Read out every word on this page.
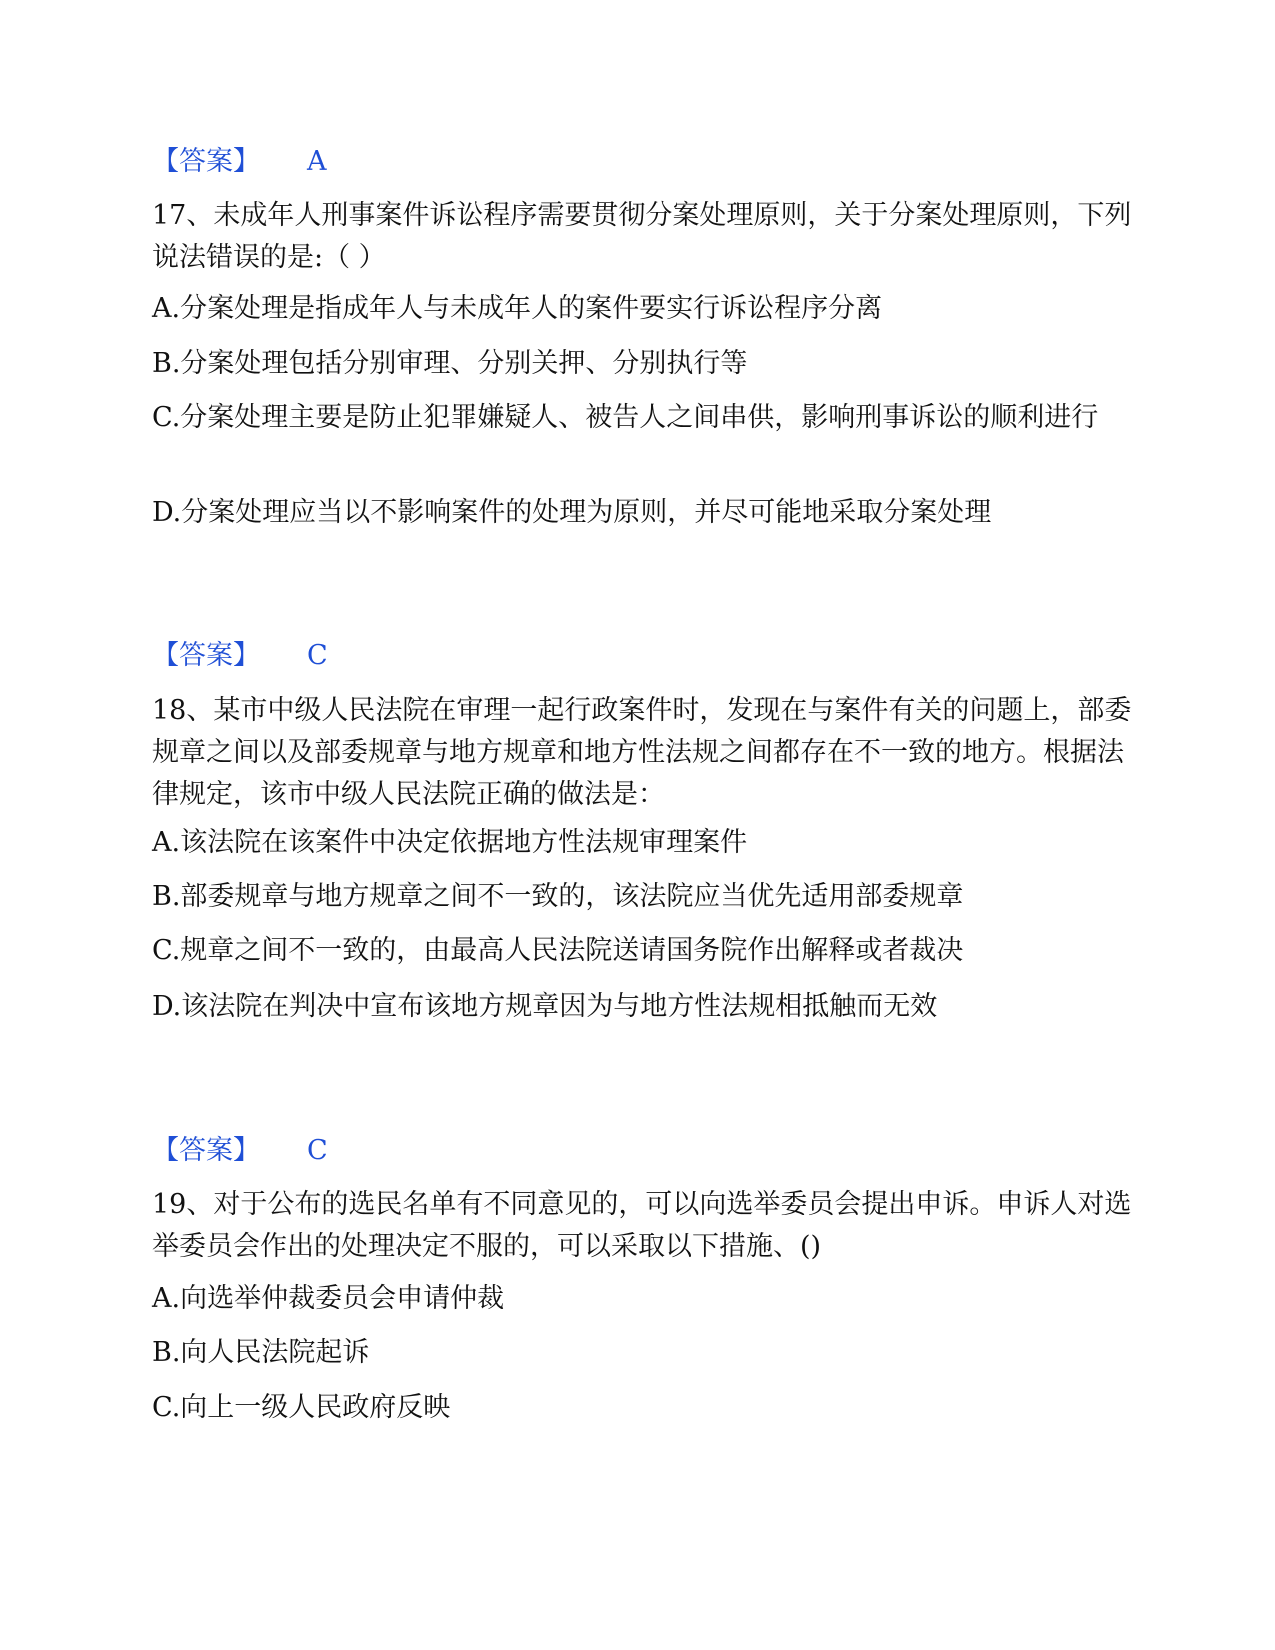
【答案】 A
17、未成年人刑事案件诉讼程序需要贯彻分案处理原则，关于分案处理原则，下列说法错误的是:（ ）
A.分案处理是指成年人与未成年人的案件要实行诉讼程序分离
B.分案处理包括分别审理、分别关押、分别执行等
C.分案处理主要是防止犯罪嫌疑人、被告人之间串供，影响刑事诉讼的顺利进行
D.分案处理应当以不影响案件的处理为原则，并尽可能地采取分案处理
【答案】 C
18、某市中级人民法院在审理一起行政案件时，发现在与案件有关的问题上，部委规章之间以及部委规章与地方规章和地方性法规之间都存在不一致的地方。根据法律规定，该市中级人民法院正确的做法是：
A.该法院在该案件中决定依据地方性法规审理案件
B.部委规章与地方规章之间不一致的，该法院应当优先适用部委规章
C.规章之间不一致的，由最高人民法院送请国务院作出解释或者裁决
D.该法院在判决中宣布该地方规章因为与地方性法规相抵触而无效
【答案】 C
19、对于公布的选民名单有不同意见的，可以向选举委员会提出申诉。申诉人对选举委员会作出的处理决定不服的，可以采取以下措施、()
A.向选举仲裁委员会申请仲裁
B.向人民法院起诉
C.向上一级人民政府反映
